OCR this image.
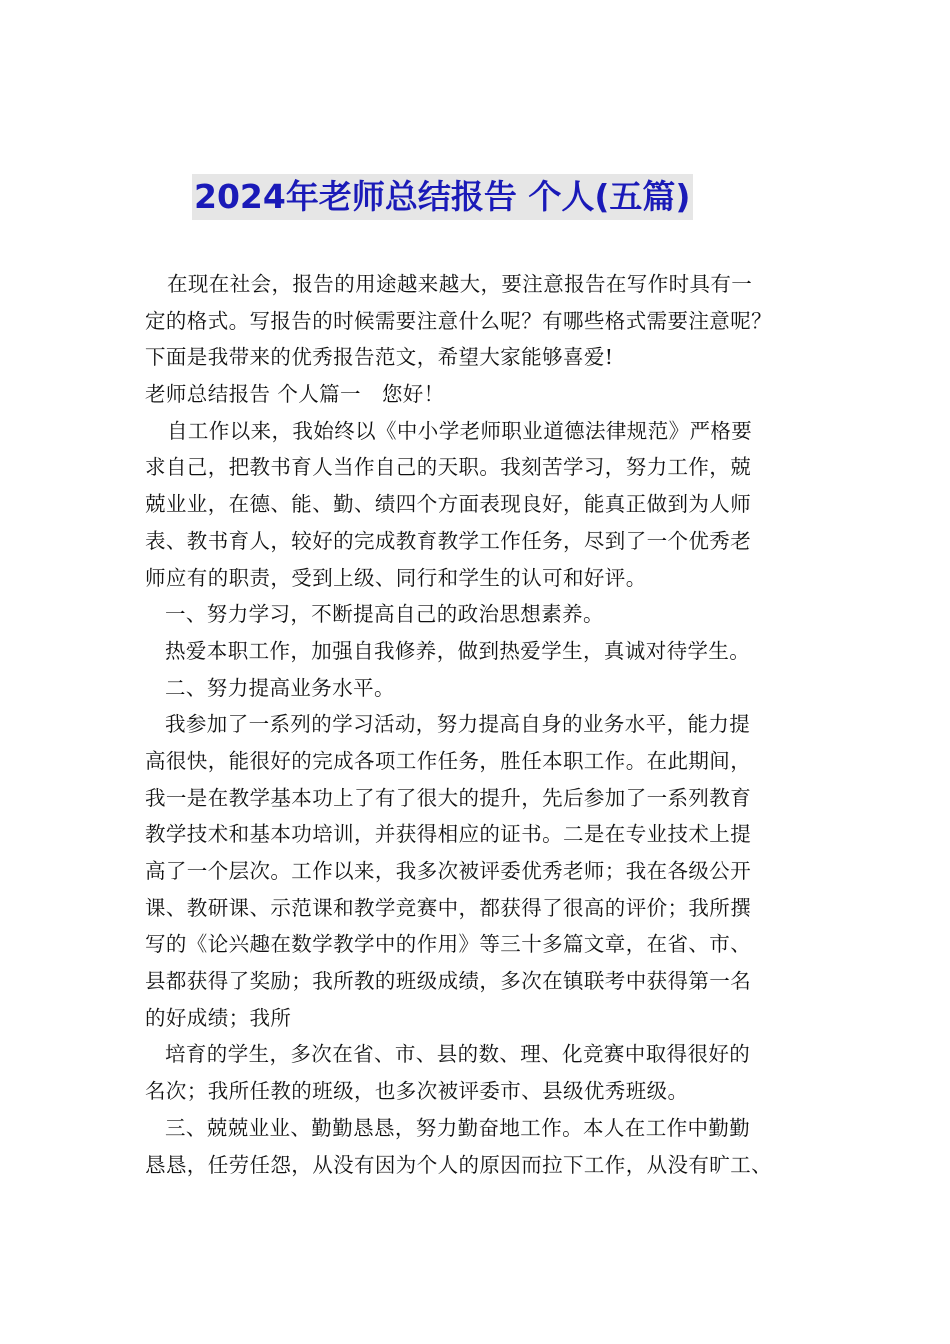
2024年老师总结报告 个人(五篇)
在现在社会，报告的用途越来越大，要注意报告在写作时具有一
定的格式。写报告的时候需要注意什么呢？有哪些格式需要注意呢？
下面是我带来的优秀报告范文，希望大家能够喜爱!
老师总结报告 个人篇一　您好！
自工作以来，我始终以《中小学老师职业道德法律规范》严格要
求自己，把教书育人当作自己的天职。我刻苦学习，努力工作，兢
兢业业，在德、能、勤、绩四个方面表现良好，能真正做到为人师
表、教书育人，较好的完成教育教学工作任务，尽到了一个优秀老
师应有的职责，受到上级、同行和学生的认可和好评。
一、努力学习，不断提高自己的政治思想素养。
热爱本职工作，加强自我修养，做到热爱学生，真诚对待学生。
二、努力提高业务水平。
我参加了一系列的学习活动，努力提高自身的业务水平，能力提
高很快，能很好的完成各项工作任务，胜任本职工作。在此期间，
我一是在教学基本功上了有了很大的提升，先后参加了一系列教育
教学技术和基本功培训，并获得相应的证书。二是在专业技术上提
高了一个层次。工作以来，我多次被评委优秀老师；我在各级公开
课、教研课、示范课和教学竞赛中，都获得了很高的评价；我所撰
写的《论兴趣在数学教学中的作用》等三十多篇文章，在省、市、
县都获得了奖励；我所教的班级成绩，多次在镇联考中获得第一名
的好成绩；我所
培育的学生，多次在省、市、县的数、理、化竞赛中取得很好的
名次；我所任教的班级，也多次被评委市、县级优秀班级。
三、兢兢业业、勤勤恳恳，努力勤奋地工作。本人在工作中勤勤
恳恳，任劳任怨，从没有因为个人的原因而拉下工作，从没有旷工、
